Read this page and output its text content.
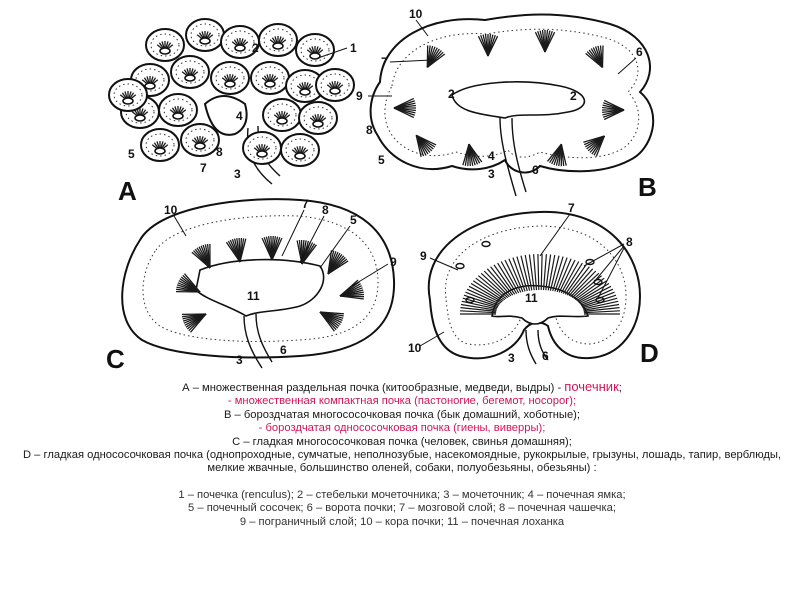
A	B
C	D
1
2
3
4
5
7
8
10
7
6
9	2	2
8
5	4
3	6
10	7 8
5
9
11
3
6
7
8
9
11
10
3 6

А – множественная раздельная почка (китообразные, медведи, выдры) - почечник;

- множественная компактная почка (пастоногие, бегемот, носорог);

В – бороздчатая многососочковая почка (бык домашний, хоботные);

- бороздчатая одноcосочковая почка (гиены, виверры);

С – гладкая многососочковая почка (человек, свинья домашняя);

D – гладкая одноcосочковая почка (однопроходные, сумчатые, неполнозубые, насекомоядные, рукокрылые, грызуны, лошадь, тапир, верблюды, мелкие жвачные, большинство оленей, собаки, полуобезьяны, обезьяны) :

1 – почечка (renculus); 2 – стебельки мочеточника; 3 – мочеточник; 4 – почечная ямка;

5 – почечный сосочек; 6 – ворота почки; 7 – мозговой слой; 8 – почечная чашечка;

9 – пограничный слой; 10 – кора почки; 11 – почечная лоханка
